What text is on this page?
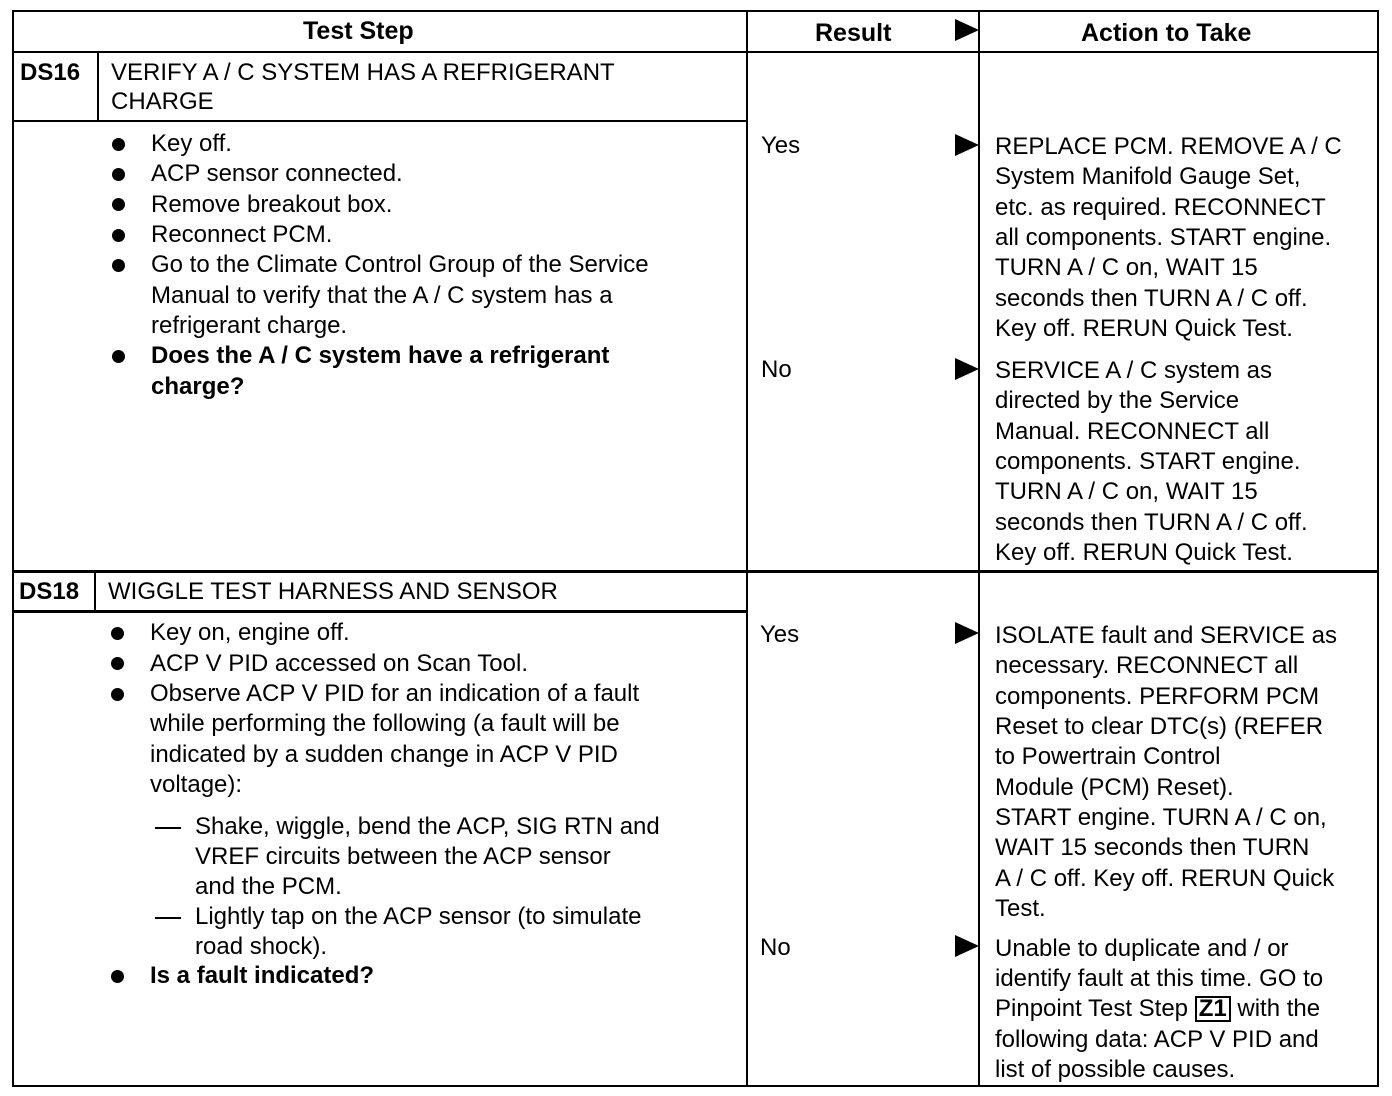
Test Step	Result	Action to Take
DS16 VERIFY A / C SYSTEM HAS A REFRIGERANT
CHARGE
Key off.
ACP sensor connected.
Remove breakout box.
Reconnect PCM.
Go to the Climate Control Group of the Service
Manual to verify that the A / C system has a
refrigerant charge.
Does the A / C system have a refrigerant
charge?
Yes
No
REPLACE PCM. REMOVE A / C
System Manifold Gauge Set,
etc. as required. RECONNECT
all components. START engine.
TURN A / C on, WAIT 15
seconds then TURN A / C off.
Key off. RERUN Quick Test.
SERVICE A / C system as
directed by the Service
Manual. RECONNECT all
components. START engine.
TURN A / C on, WAIT 15
seconds then TURN A / C off.
Key off. RERUN Quick Test.
DS18 WIGGLE TEST HARNESS AND SENSOR
Key on, engine off.
ACP V PID accessed on Scan Tool.
Observe ACP V PID for an indication of a fault
while performing the following (a fault will be
indicated by a sudden change in ACP V PID
voltage):
Shake, wiggle, bend the ACP, SIG RTN and
VREF circuits between the ACP sensor
and the PCM.
Lightly tap on the ACP sensor (to simulate
road shock).
Is a fault indicated?
Yes
No
ISOLATE fault and SERVICE as
necessary. RECONNECT all
components. PERFORM PCM
Reset to clear DTC(s) (REFER
to Powertrain Control
Module (PCM) Reset).
START engine. TURN A / C on,
WAIT 15 seconds then TURN
A / C off. Key off. RERUN Quick
Test.
Unable to duplicate and / or
identify fault at this time. GO to
Pinpoint Test Step Z1 with the
following data: ACP V PID and
list of possible causes.
